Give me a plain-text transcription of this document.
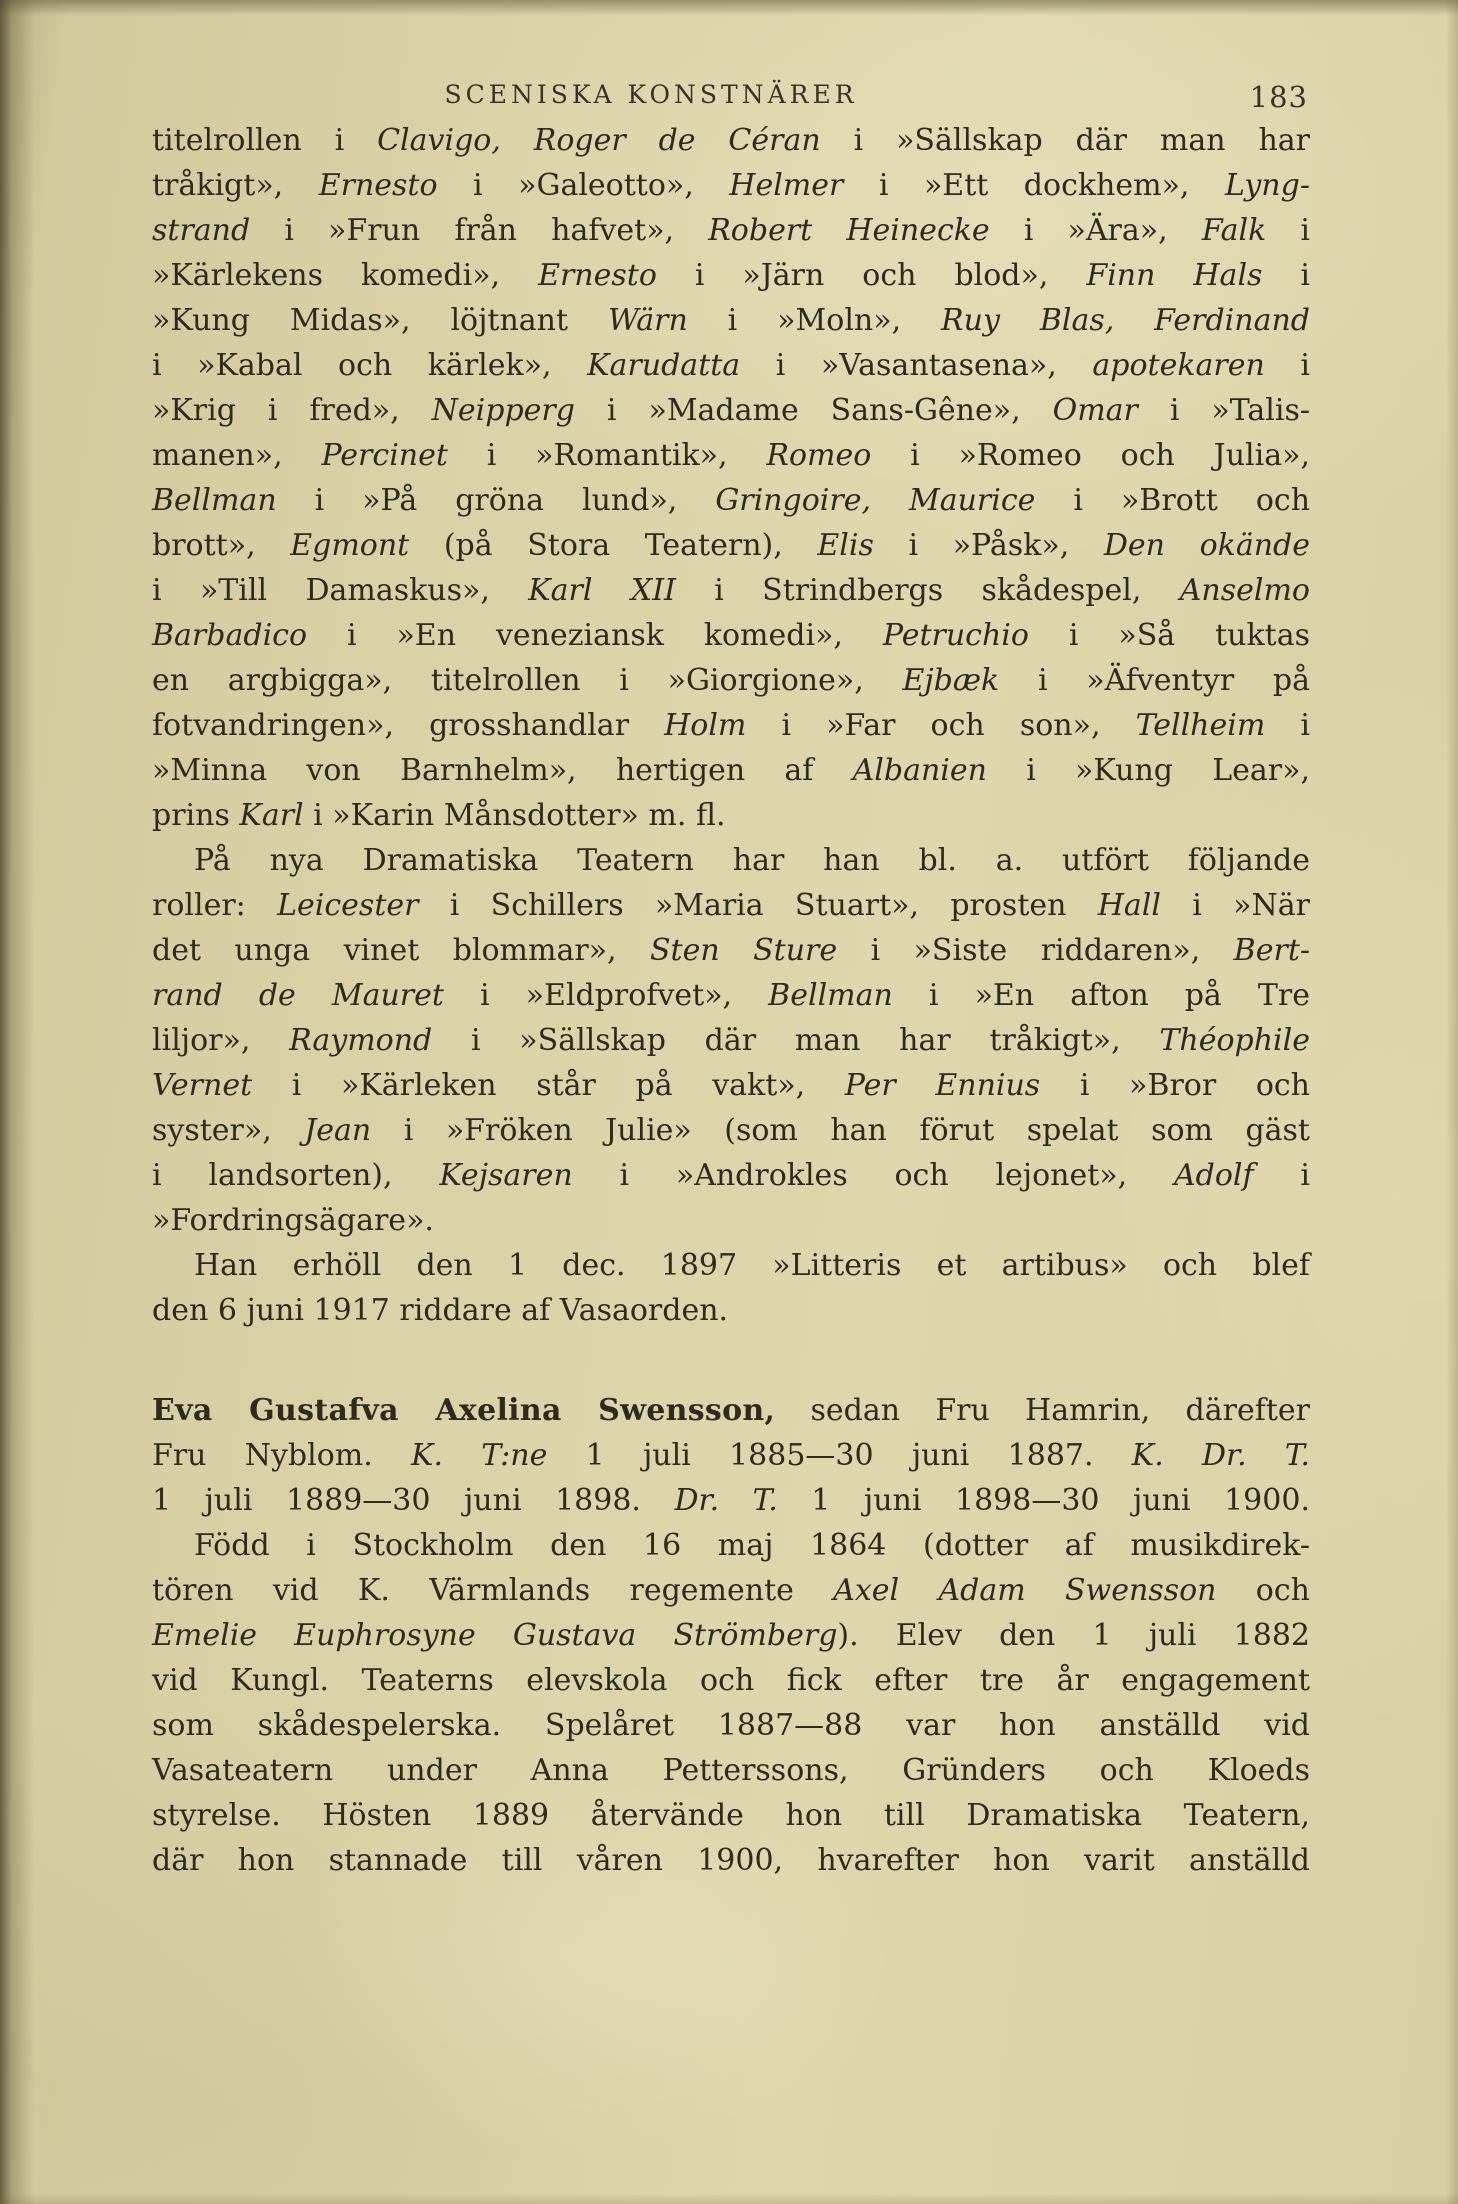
SCENISKA KONSTNÄRER	183
titelrollen i Clavigo, Roger de Céran i »Sällskap där man har
tråkigt», Ernesto i »Galeotto», Helmer i »Ett dockhem», Lyng-
strand i »Frun från hafvet», Robert Heinecke i »Ära», Falk i
»Kärlekens komedi», Ernesto i »Järn och blod», Finn Hals i
»Kung Midas», löjtnant Wärn i »Moln», Ruy Blas, Ferdinand
i »Kabal och kärlek», Karudatta i »Vasantasena», apotekaren i
»Krig i fred», Neipperg i »Madame Sans-Gêne», Omar i »Talis-
manen», Percinet i »Romantik», Romeo i »Romeo och Julia»,
Bellman i »På gröna lund», Gringoire, Maurice i »Brott och
brott», Egmont (på Stora Teatern), Elis i »Påsk», Den okände
i »Till Damaskus», Karl XII i Strindbergs skådespel, Anselmo
Barbadico i »En veneziansk komedi», Petruchio i »Så tuktas
en argbigga», titelrollen i »Giorgione», Ejbæk i »Äfventyr på
fotvandringen», grosshandlar Holm i »Far och son», Tellheim i
»Minna von Barnhelm», hertigen af Albanien i »Kung Lear»,
prins Karl i »Karin Månsdotter» m. fl.
På nya Dramatiska Teatern har han bl. a. utfört följande
roller: Leicester i Schillers »Maria Stuart», prosten Hall i »När
det unga vinet blommar», Sten Sture i »Siste riddaren», Bert-
rand de Mauret i »Eldprofvet», Bellman i »En afton på Tre
liljor», Raymond i »Sällskap där man har tråkigt», Théophile
Vernet i »Kärleken står på vakt», Per Ennius i »Bror och
syster», Jean i »Fröken Julie» (som han förut spelat som gäst
i landsorten), Kejsaren i »Androkles och lejonet», Adolf i
»Fordringsägare».
Han erhöll den 1 dec. 1897 »Litteris et artibus» och blef
den 6 juni 1917 riddare af Vasaorden.
Eva Gustafva Axelina Swensson, sedan Fru Hamrin, därefter
Fru Nyblom. K. T:ne 1 juli 1885—30 juni 1887. K. Dr. T.
1 juli 1889—30 juni 1898. Dr. T. 1 juni 1898—30 juni 1900.
Född i Stockholm den 16 maj 1864 (dotter af musikdirek-
tören vid K. Värmlands regemente Axel Adam Swensson och
Emelie Euphrosyne Gustava Strömberg). Elev den 1 juli 1882
vid Kungl. Teaterns elevskola och fick efter tre år engagement
som skådespelerska. Spelåret 1887—88 var hon anställd vid
Vasateatern under Anna Petterssons, Gründers och Kloeds
styrelse. Hösten 1889 återvände hon till Dramatiska Teatern,
där hon stannade till våren 1900, hvarefter hon varit anställd
